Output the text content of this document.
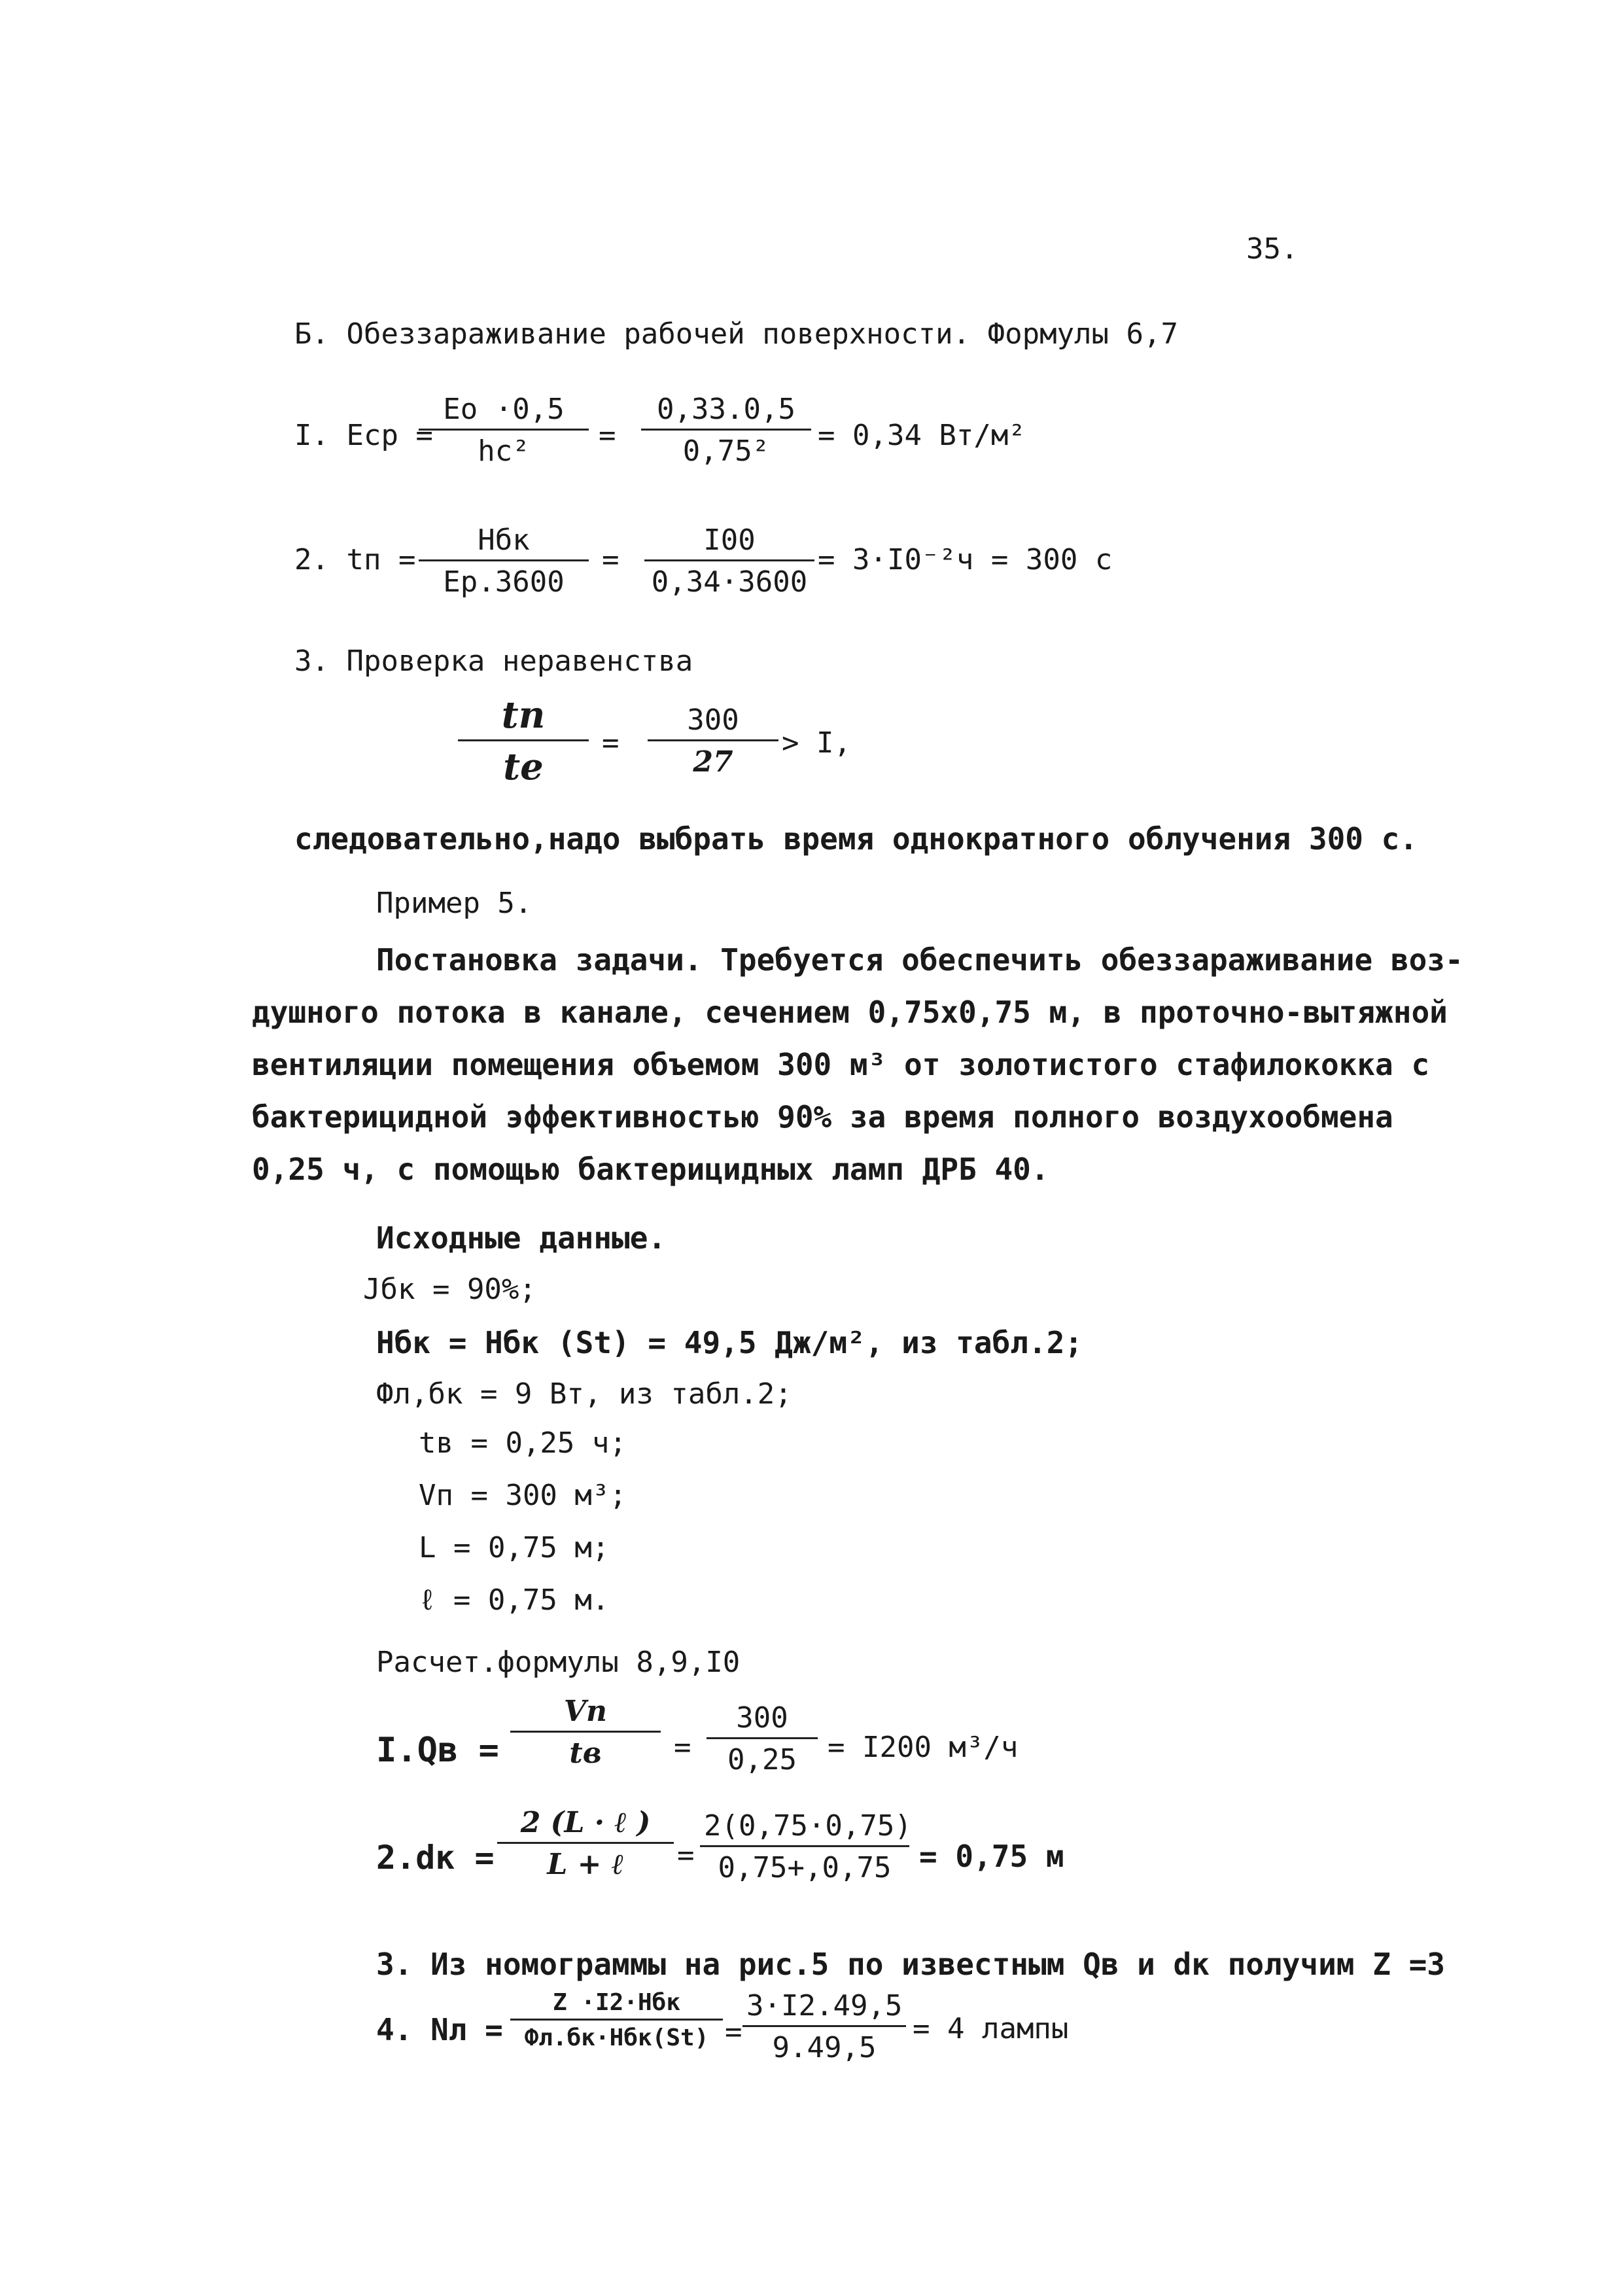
35.
Б. Обеззараживание рабочей поверхности. Формулы 6,7
I. Eср =
Eо ·0,5
hс²	= $\frac{0,33.0,5}{\text{0,75²}} = 0,34$ Вт/м²
2. tп =
Нбк
Eр.3600
= $\frac{I00}{0,34\cdot 3600} = 3\cdot I0^{-2}ч = 300$ с
3. Проверка неравенства
tп
tе
= $\frac{300}{27} > I$,
следовательно,надо выбрать время однократного облучения 300 с.
Пример 5.
Постановка задачи. Требуется обеспечить обеззараживание воз-
душного потока в канале, сечением 0,75x0,75 м, в проточно-вытяжной
вентиляции помещения объемом 300 м³ от золотистого стафилококка с
бактерицидной эффективностью 90% за время полного воздухообмена
0,25 ч, с помощью бактерицидных ламп ДРБ 40.
Исходные данные.
Jбк = 90%;
Нбк = Нбк (St) = 49,5 Дж/м², из табл.2;
Фл,бк = 9 Вт, из табл.2;
tв = 0,25 ч;
Vп = 300 м³;
L = 0,75 м;
ℓ = 0,75 м.
Расчет.формулы 8,9,I0
I.Qв =
Vп
tв	= $\frac{300}{0,25} = I200$ м³/ч
2.dк =
2 (L · ℓ )
L + ℓ	= $\frac{2(0,75\cdot 0,75)}{0,75+,0,75} = 0,75$ м
3. Из номограммы на рис.5 по известным Qв и dк получим Z =3
4. Nл =
Z ·I2·Нбк
$Фл.бк\cdot Нбк(St) = \frac{3\cdot I2.49,5}{9.49,5} = 4$ лампы
